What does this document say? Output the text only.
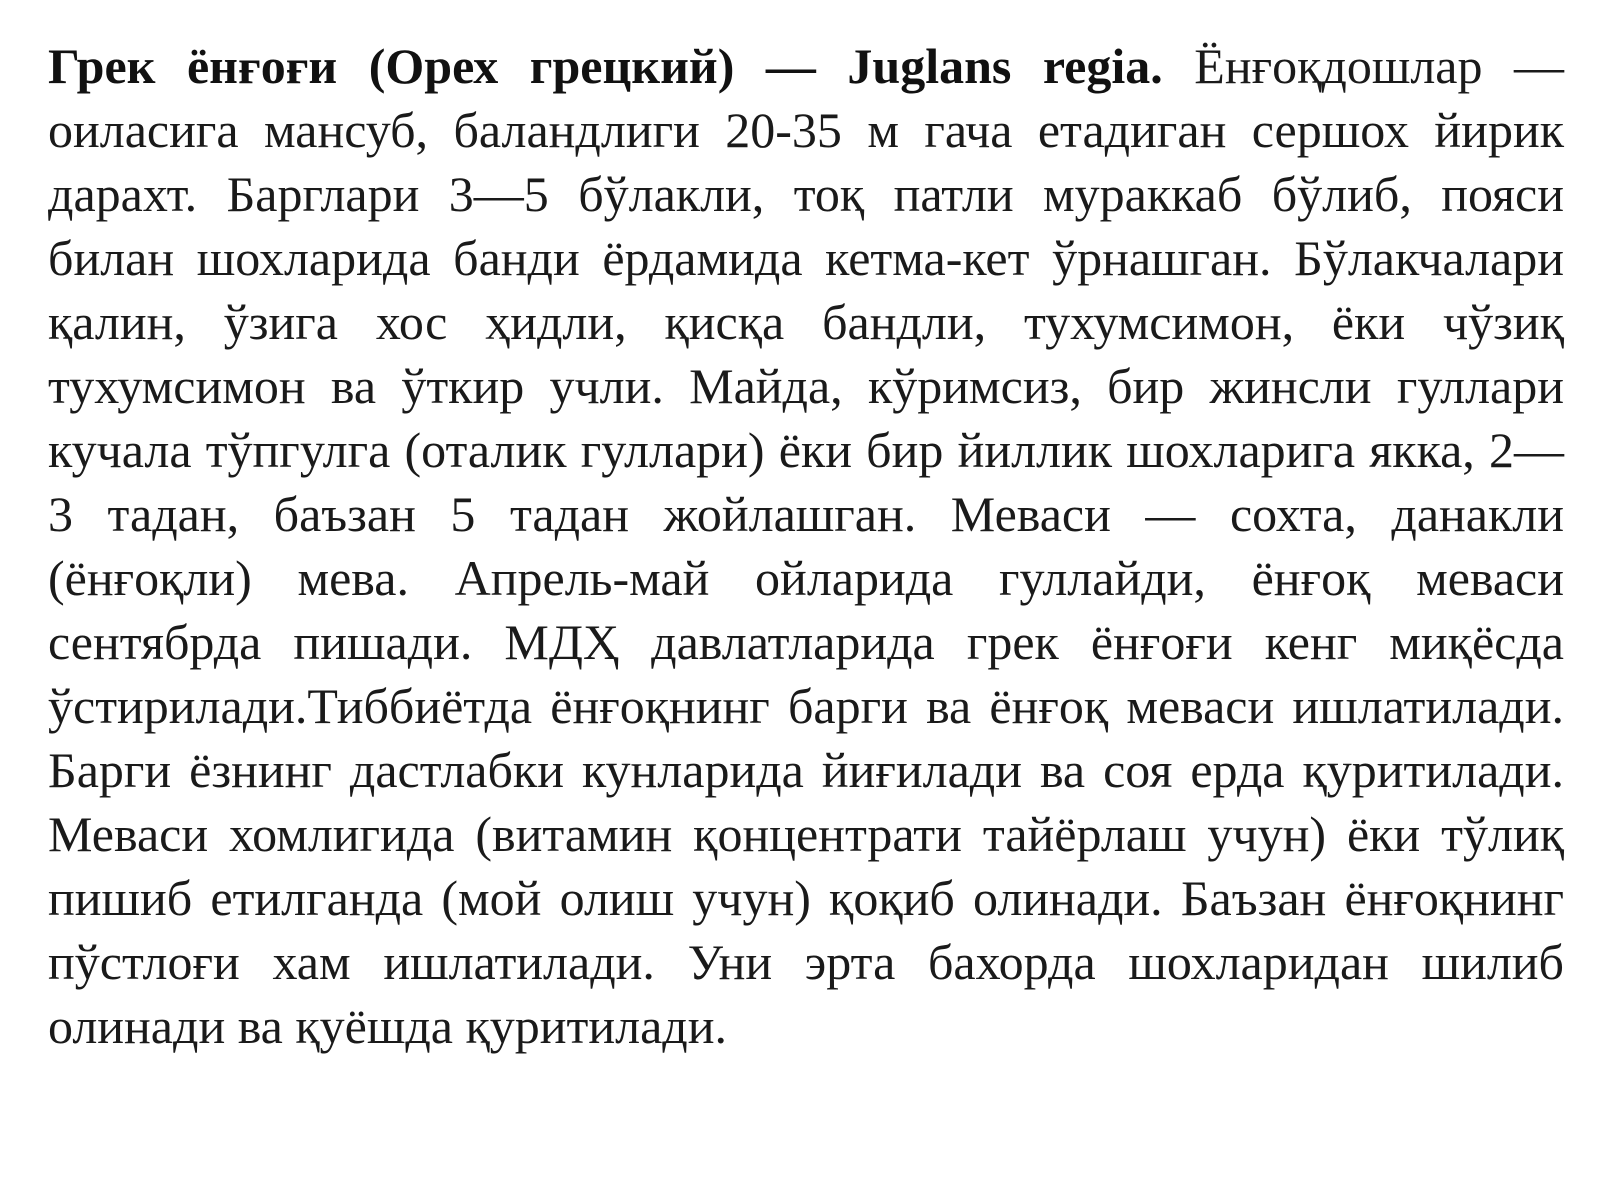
Грек ёнғоғи (Орех грецкий) — Juglans regia. Ёнғоқдошлар — оиласига мансуб, баландлиги 20-35 м гача етадиган сершох йирик дарахт. Барглари 3—5 бўлакли, тоқ патли мураккаб бўлиб, пояси билан шохларида банди ёрдамида кетма-кет ўрнашган. Бўлакчалари қалин, ўзига хос ҳидли, қисқа бандли, тухумсимон, ёки чўзиқ тухумсимон ва ўткир учли. Майда, кўримсиз, бир жинсли гуллари кучала тўпгулга (оталик гуллари) ёки бир йиллик шохларига якка, 2—3 тадан, баъзан 5 тадан жойлашган. Меваси — сохта, данакли (ёнғоқли) мева. Апрель-май ойларида гуллайди, ёнғоқ меваси сентябрда пишади. МДҲ давлатларида грек ёнғоғи кенг миқёсда ўстирилади.Тиббиётда ёнғоқнинг барги ва ёнғоқ меваси ишлатилади. Барги ёзнинг дастлабки кунларида йиғилади ва соя ерда қуритилади. Меваси хомлигида (витамин қонцентрати тайёрлаш учун) ёки тўлиқ пишиб етилганда (мой олиш учун) қоқиб олинади. Баъзан ёнғоқнинг пўстлоғи хам ишлатилади. Уни эрта бахорда шохларидан шилиб олинади ва қуёшда қуритилади.
